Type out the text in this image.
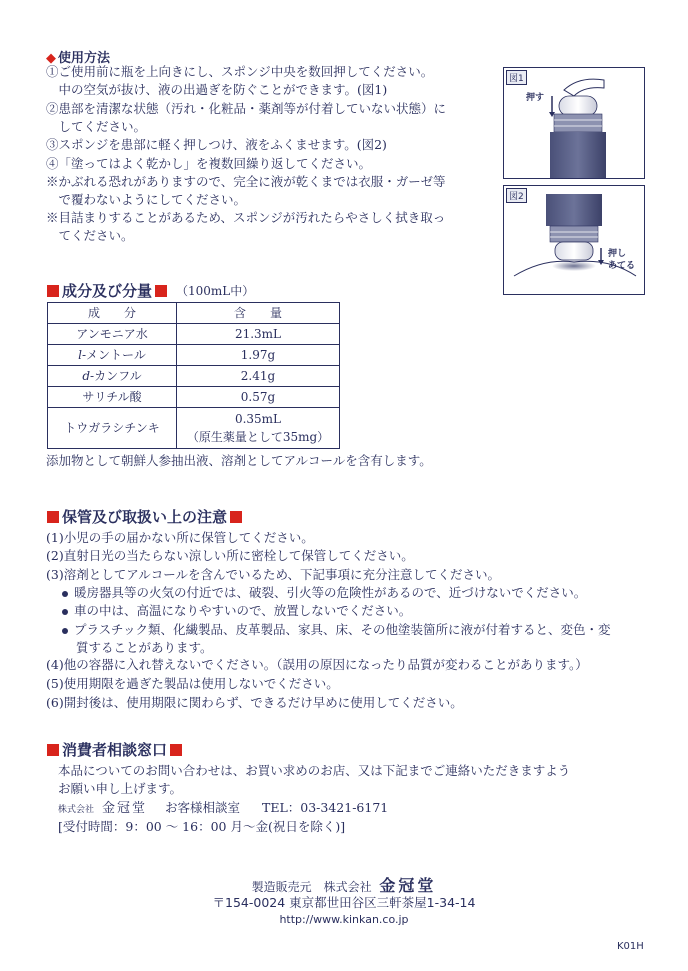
◆ 使用方法
①ご使用前に瓶を上向きにし、スポンジ中央を数回押してください。
　中の空気が抜け、液の出過ぎを防ぐことができます。(図1)
②患部を清潔な状態（汚れ・化粧品・薬剤等が付着していない状態）に
　してください。
③スポンジを患部に軽く押しつけ、液をふくませます。(図2)
④「塗ってはよく乾かし」を複数回繰り返してください。
※かぶれる恐れがありますので、完全に液が乾くまでは衣服・ガーゼ等
　で覆わないようにしてください。
※目詰まりすることがあるため、スポンジが汚れたらやさしく拭き取っ
　てください。
図1
押す
図2
押し
あてる
成分及び分量 （100mL中）
成　　分	含　　量
アンモニア水	21.3mL

l-メントール	1.97g

d-カンフル	2.41g

サリチル酸	0.57g

トウガラシチンキ	0.35mL
（原生薬量として35mg）
添加物として朝鮮人参抽出液、溶剤としてアルコールを含有します。
保管及び取扱い上の注意
(1)小児の手の届かない所に保管してください。
(2)直射日光の当たらない涼しい所に密栓して保管してください。
(3)溶剤としてアルコールを含んでいるため、下記事項に充分注意してください。
暖房器具等の火気の付近では、破裂、引火等の危険性があるので、近づけないでください。
車の中は、高温になりやすいので、放置しないでください。
プラスチック類、化繊製品、皮革製品、家具、床、その他塗装箇所に液が付着すると、変色・変
質することがあります。
(4)他の容器に入れ替えないでください。（誤用の原因になったり品質が変わることがあります。）
(5)使用期限を過ぎた製品は使用しないでください。
(6)開封後は、使用期限に関わらず、できるだけ早めに使用してください。
消費者相談窓口
本品についてのお問い合わせは、お買い求めのお店、又は下記までご連絡いただきますよう
お願い申し上げます。
株式会社 金冠堂 お客様相談室 TEL：03-3421-6171
[受付時間：9：00 ～ 16：00 月～金(祝日を除く)]
製造販売元　株式会社 金冠堂
〒154-0024 東京都世田谷区三軒茶屋1-34-14
http://www.kinkan.co.jp
K01H
